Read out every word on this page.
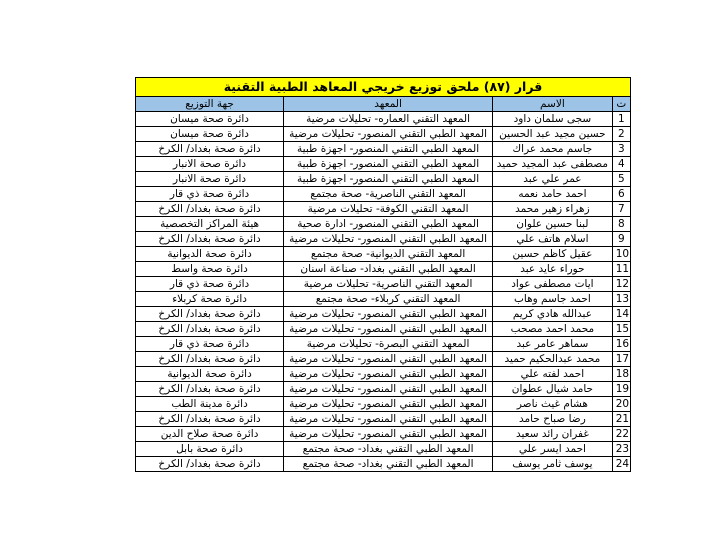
قرار (٨٧) ملحق توزيع خريجي المعاهد الطبية التقنية			
ت	الاسم	المعهد	جهة التوزيع
1	سجى سلمان داود	المعهد التقني العماره- تحليلات مرضية	دائرة صحة ميسان
2	حسين مجيد عبد الحسين	المعهد الطبي التقني المنصور- تحليلات مرضية	دائرة صحة ميسان
3	جاسم محمد عراك	المعهد الطبي التقني المنصور- اجهزة طبية	دائرة صحة بغداد/ الكرخ
4	مصطفى عبد المجيد حميد	المعهد الطبي التقني المنصور- اجهزة طبية	دائرة صحة الانبار
5	عمر علي عبد	المعهد الطبي التقني المنصور- اجهزة طبية	دائرة صحة الانبار
6	احمد حامد نعمه	المعهد التقني الناصرية- صحة مجتمع	دائرة صحة ذي قار
7	زهراء زهير محمد	المعهد التقني الكوفة- تحليلات مرضية	دائرة صحة بغداد/ الكرخ
8	لبنا حسين علوان	المعهد الطبي التقني المنصور- ادارة صحية	هيئة المراكز التخصصية
9	اسلام هاتف علي	المعهد الطبي التقني المنصور- تحليلات مرضية	دائرة صحة بغداد/ الكرخ
10	عقيل كاظم حسين	المعهد التقني الديوانية- صحة مجتمع	دائرة صحة الديوانية
11	حوراء عايد عبد	المعهد الطبي التقني بغداد- صناعة اسنان	دائرة صحة واسط
12	ايات مصطفى عواد	المعهد التقني الناصرية- تحليلات مرضية	دائرة صحة ذي قار
13	احمد جاسم وهاب	المعهد التقني كربلاء- صحة مجتمع	دائرة صحة كربلاء
14	عبدالله هادي كريم	المعهد الطبي التقني المنصور- تحليلات مرضية	دائرة صحة بغداد/ الكرخ
15	محمد احمد مصحب	المعهد الطبي التقني المنصور- تحليلات مرضية	دائرة صحة بغداد/ الكرخ
16	سماهر عامر عبد	المعهد التقني البصرة- تحليلات مرضية	دائرة صحة ذي قار
17	محمد عبدالحكيم حميد	المعهد الطبي التقني المنصور- تحليلات مرضية	دائرة صحة بغداد/ الكرخ
18	احمد لفته علي	المعهد الطبي التقني المنصور- تحليلات مرضية	دائرة صحة الديوانية
19	حامد شيال عطوان	المعهد الطبي التقني المنصور- تحليلات مرضية	دائرة صحة بغداد/ الكرخ
20	هشام غيث ناصر	المعهد الطبي التقني المنصور- تحليلات مرضية	دائرة مدينة الطب
21	رضا صباح حامد	المعهد الطبي التقني المنصور- تحليلات مرضية	دائرة صحة بغداد/ الكرخ
22	غفران رائد سعيد	المعهد الطبي التقني المنصور- تحليلات مرضية	دائرة صحة صلاح الدين
23	احمد ايسر علي	المعهد الطبي التقني بغداد- صحة مجتمع	دائرة صحة بابل
24	يوسف ثامر يوسف	المعهد الطبي التقني بغداد- صحة مجتمع	دائرة صحة بغداد/ الكرخ
